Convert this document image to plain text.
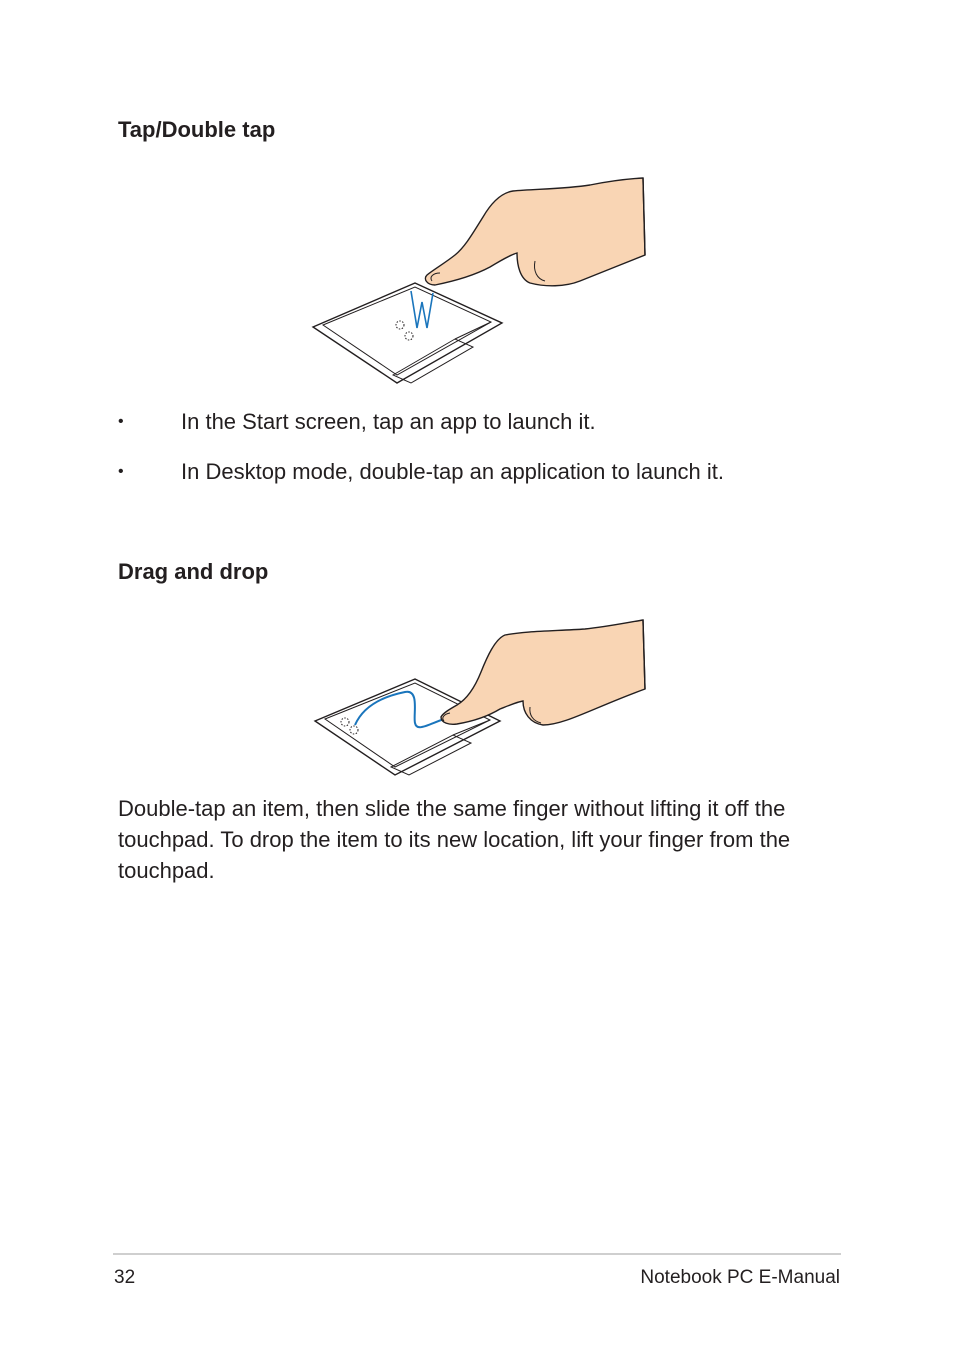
Tap/Double tap
•	In the Start screen, tap an app to launch it.
•	In Desktop mode, double-tap an application to launch it.
Drag and drop

Double-tap an item, then slide the same finger without lifting it off the touchpad. To drop the item to its new location, lift your finger from the touchpad.

32	Notebook PC E-Manual
